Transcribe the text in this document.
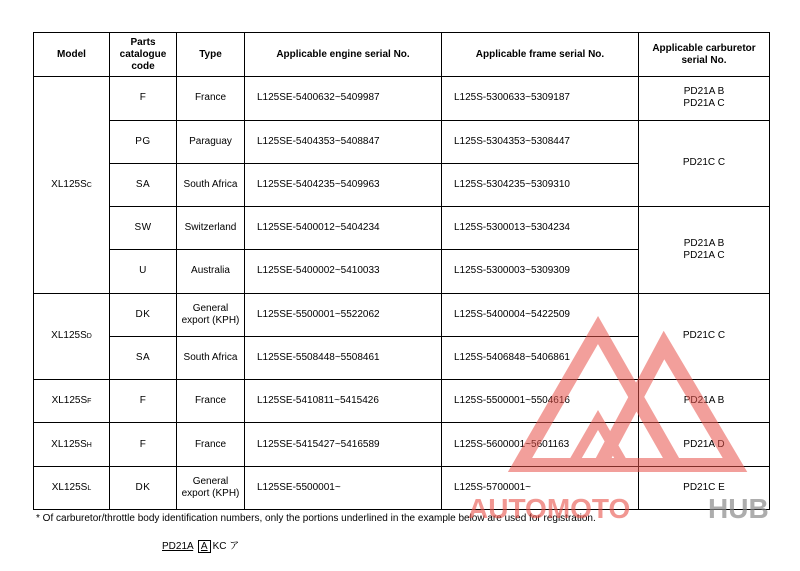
Model	Parts catalogue code	Type	Applicable engine serial No.	Applicable frame serial No.	Applicable carburetor serial No.
XL125SC	F	France	L125SE-5400632~5409987	L125S-5300633~5309187	PD21A B
PD21A C
	PG	Paraguay	L125SE-5404353~5408847	L125S-5304353~5308447	PD21C C
	SA	South Africa	L125SE-5404235~5409963	L125S-5304235~5309310	
	SW	Switzerland	L125SE-5400012~5404234	L125S-5300013~5304234	PD21A B
PD21A C
	U	Australia	L125SE-5400002~5410033	L125S-5300003~5309309	
XL125SD	DK	General export (KPH)	L125SE-5500001~5522062	L125S-5400004~5422509	PD21C C
	SA	South Africa	L125SE-5508448~5508461	L125S-5406848~5406861	
XL125SF	F	France	L125SE-5410811~5415426	L125S-5500001~5504616	PD21A B
XL125SH	F	France	L125SE-5415427~5416589	L125S-5600001~5601163	PD21A D
XL125SL	DK	General export (KPH)	L125SE-5500001~	L125S-5700001~	PD21C E
* Of carburetor/throttle body identification numbers, only the portions underlined in the example below are used for registration.
PD21A A KC ア
AUTOMOTO	HUB
